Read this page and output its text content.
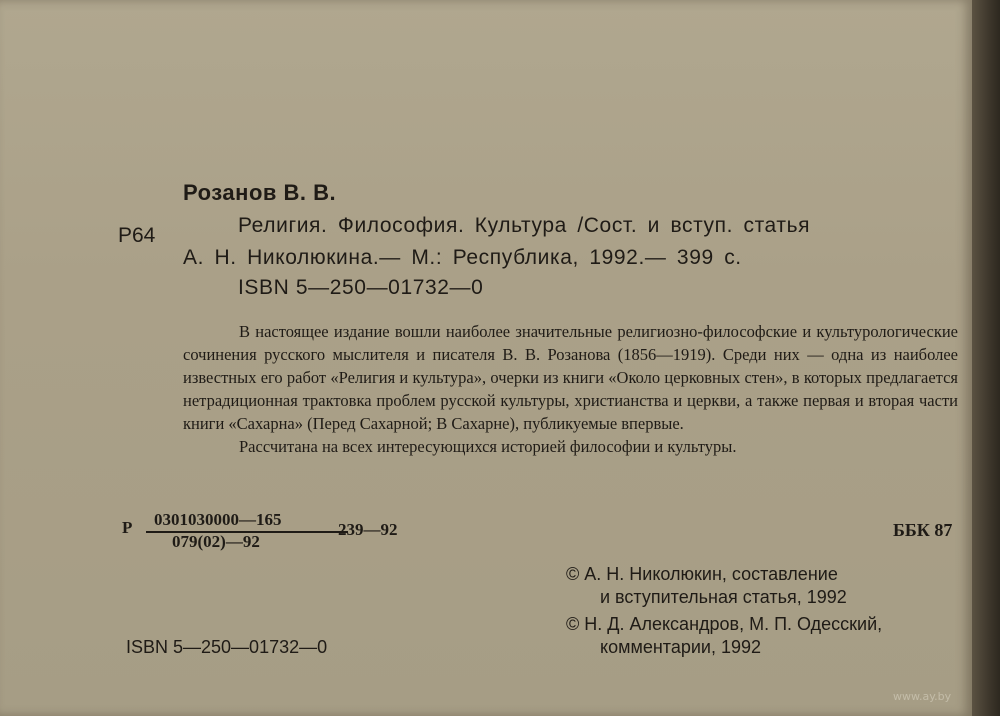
Розанов В. В.
Р64	Религия. Философия. Культура /Сост. и вступ. статья
А. Н. Николюкина.— М.: Республика, 1992.— 399 с.
ISBN 5—250—01732—0

В настоящее издание вошли наиболее значительные религиозно-философские и культурологические сочинения русского мыслителя и писателя В. В. Розанова (1856—1919). Среди них — одна из наиболее известных его работ «Религия и культура», очерки из книги «Около церковных стен», в которых предлагается нетрадиционная трактовка проблем русской культуры, христианства и церкви, а также первая и вторая части книги «Сахарна» (Перед Сахарной; В Сахарне), публикуемые впервые.

Рассчитана на всех интересующихся историей философии и культуры.

Р 0301030000—165
079(02)—92
239—92	ББК 87
© А. Н. Николюкин, составление
и вступительная статья, 1992
© Н. Д. Александров, М. П. Одесский,
комментарии, 1992
ISBN 5—250—01732—0
www.ay.by
